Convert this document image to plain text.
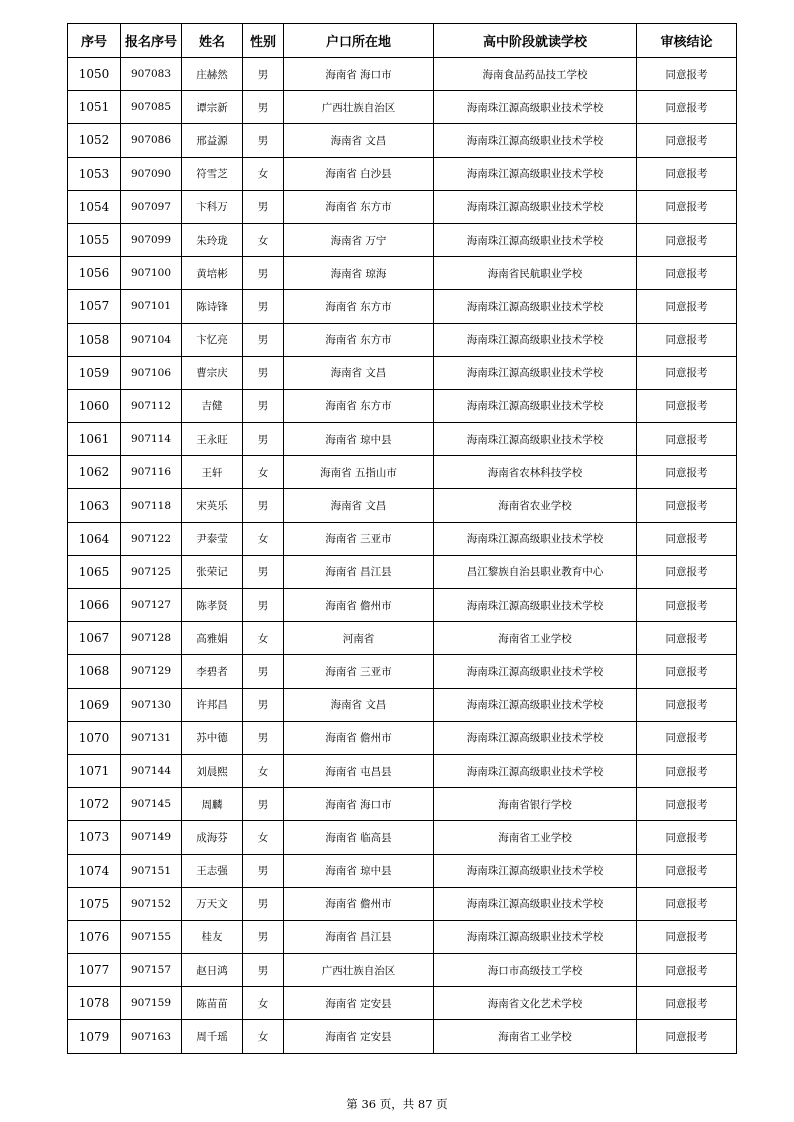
序号	报名序号	姓名	性别	户口所在地	高中阶段就读学校	审核结论
1050	907083	庄赫然	男	海南省 海口市	海南食品药品技工学校	同意报考
1051	907085	谭宗新	男	广西壮族自治区	海南珠江源高级职业技术学校	同意报考
1052	907086	邢益源	男	海南省 文昌	海南珠江源高级职业技术学校	同意报考
1053	907090	符雪芝	女	海南省 白沙县	海南珠江源高级职业技术学校	同意报考
1054	907097	卞科万	男	海南省 东方市	海南珠江源高级职业技术学校	同意报考
1055	907099	朱玲珑	女	海南省 万宁	海南珠江源高级职业技术学校	同意报考
1056	907100	黄培彬	男	海南省 琼海	海南省民航职业学校	同意报考
1057	907101	陈诗锋	男	海南省 东方市	海南珠江源高级职业技术学校	同意报考
1058	907104	卞忆亮	男	海南省 东方市	海南珠江源高级职业技术学校	同意报考
1059	907106	曹宗庆	男	海南省 文昌	海南珠江源高级职业技术学校	同意报考
1060	907112	吉健	男	海南省 东方市	海南珠江源高级职业技术学校	同意报考
1061	907114	王永旺	男	海南省 琼中县	海南珠江源高级职业技术学校	同意报考
1062	907116	王轩	女	海南省 五指山市	海南省农林科技学校	同意报考
1063	907118	宋英乐	男	海南省 文昌	海南省农业学校	同意报考
1064	907122	尹泰莹	女	海南省 三亚市	海南珠江源高级职业技术学校	同意报考
1065	907125	张荣记	男	海南省 昌江县	昌江黎族自治县职业教育中心	同意报考
1066	907127	陈孝贤	男	海南省 儋州市	海南珠江源高级职业技术学校	同意报考
1067	907128	高雅娟	女	河南省	海南省工业学校	同意报考
1068	907129	李碧者	男	海南省 三亚市	海南珠江源高级职业技术学校	同意报考
1069	907130	许邦昌	男	海南省 文昌	海南珠江源高级职业技术学校	同意报考
1070	907131	苏中德	男	海南省 儋州市	海南珠江源高级职业技术学校	同意报考
1071	907144	刘晨熙	女	海南省 屯昌县	海南珠江源高级职业技术学校	同意报考
1072	907145	周麟	男	海南省 海口市	海南省银行学校	同意报考
1073	907149	成海芬	女	海南省 临高县	海南省工业学校	同意报考
1074	907151	王志强	男	海南省 琼中县	海南珠江源高级职业技术学校	同意报考
1075	907152	万天文	男	海南省 儋州市	海南珠江源高级职业技术学校	同意报考
1076	907155	桂友	男	海南省 昌江县	海南珠江源高级职业技术学校	同意报考
1077	907157	赵日鸿	男	广西壮族自治区	海口市高级技工学校	同意报考
1078	907159	陈苗苗	女	海南省 定安县	海南省文化艺术学校	同意报考
1079	907163	周千瑶	女	海南省 定安县	海南省工业学校	同意报考
第 36 页，共 87 页
